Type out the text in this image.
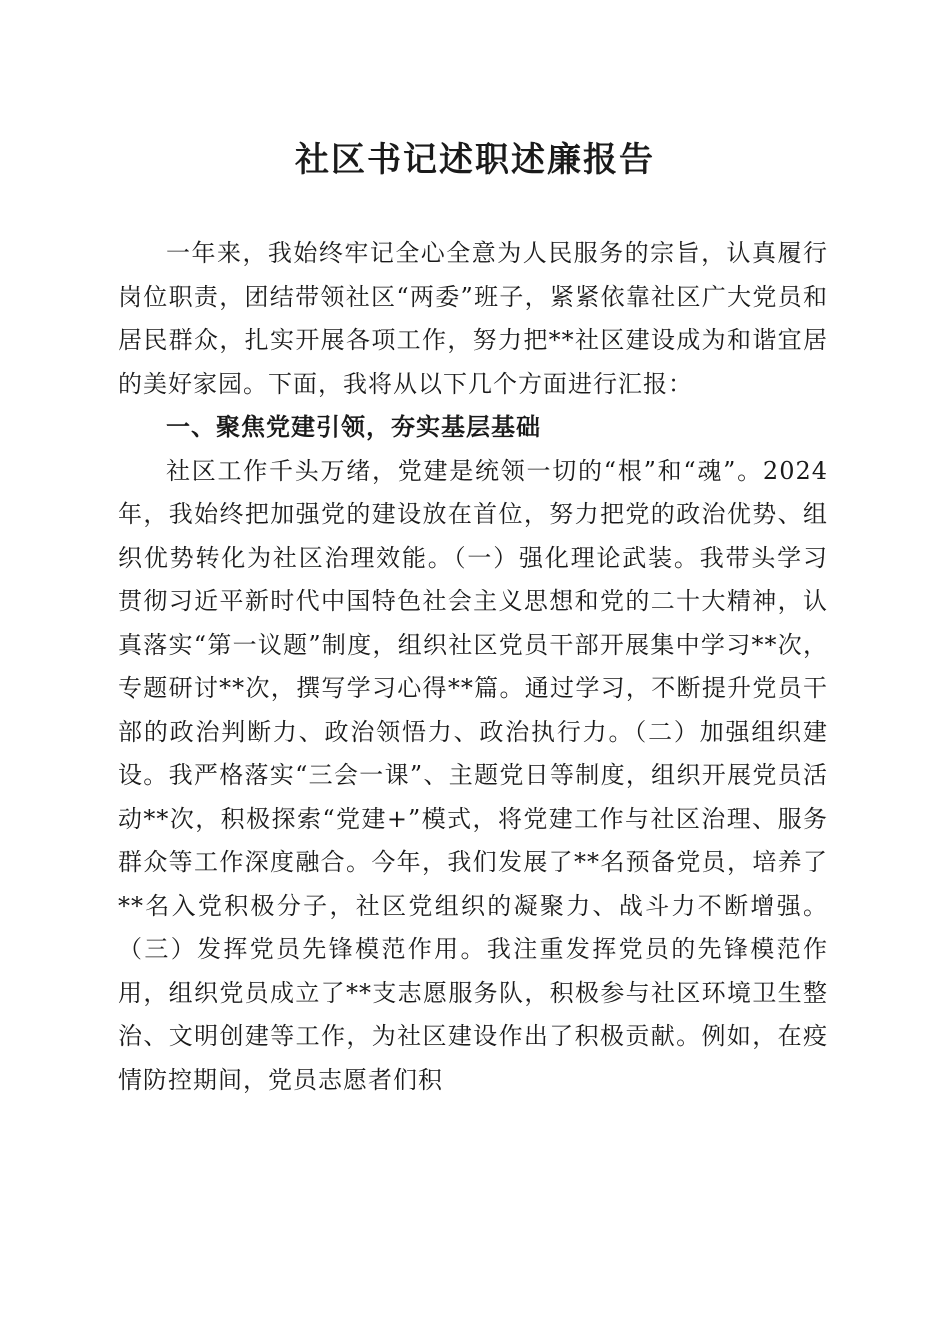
社区书记述职述廉报告

一年来，我始终牢记全心全意为人民服务的宗旨，认真履行岗位职责，团结带领社区“两委”班子，紧紧依靠社区广大党员和居民群众，扎实开展各项工作，努力把**社区建设成为和谐宜居的美好家园。下面，我将从以下几个方面进行汇报：

一、聚焦党建引领，夯实基层基础

社区工作千头万绪，党建是统领一切的“根”和“魂”。2024年，我始终把加强党的建设放在首位，努力把党的政治优势、组织优势转化为社区治理效能。（一）强化理论武装。我带头学习贯彻习近平新时代中国特色社会主义思想和党的二十大精神，认真落实“第一议题”制度，组织社区党员干部开展集中学习**次，专题研讨**次，撰写学习心得**篇。通过学习，不断提升党员干部的政治判断力、政治领悟力、政治执行力。（二）加强组织建设。我严格落实“三会一课”、主题党日等制度，组织开展党员活动**次，积极探索“党建+”模式，将党建工作与社区治理、服务群众等工作深度融合。今年，我们发展了**名预备党员，培养了**名入党积极分子，社区党组织的凝聚力、战斗力不断增强。（三）发挥党员先锋模范作用。我注重发挥党员的先锋模范作用，组织党员成立了**支志愿服务队，积极参与社区环境卫生整治、文明创建等工作，为社区建设作出了积极贡献。例如，在疫情防控期间，党员志愿者们积
